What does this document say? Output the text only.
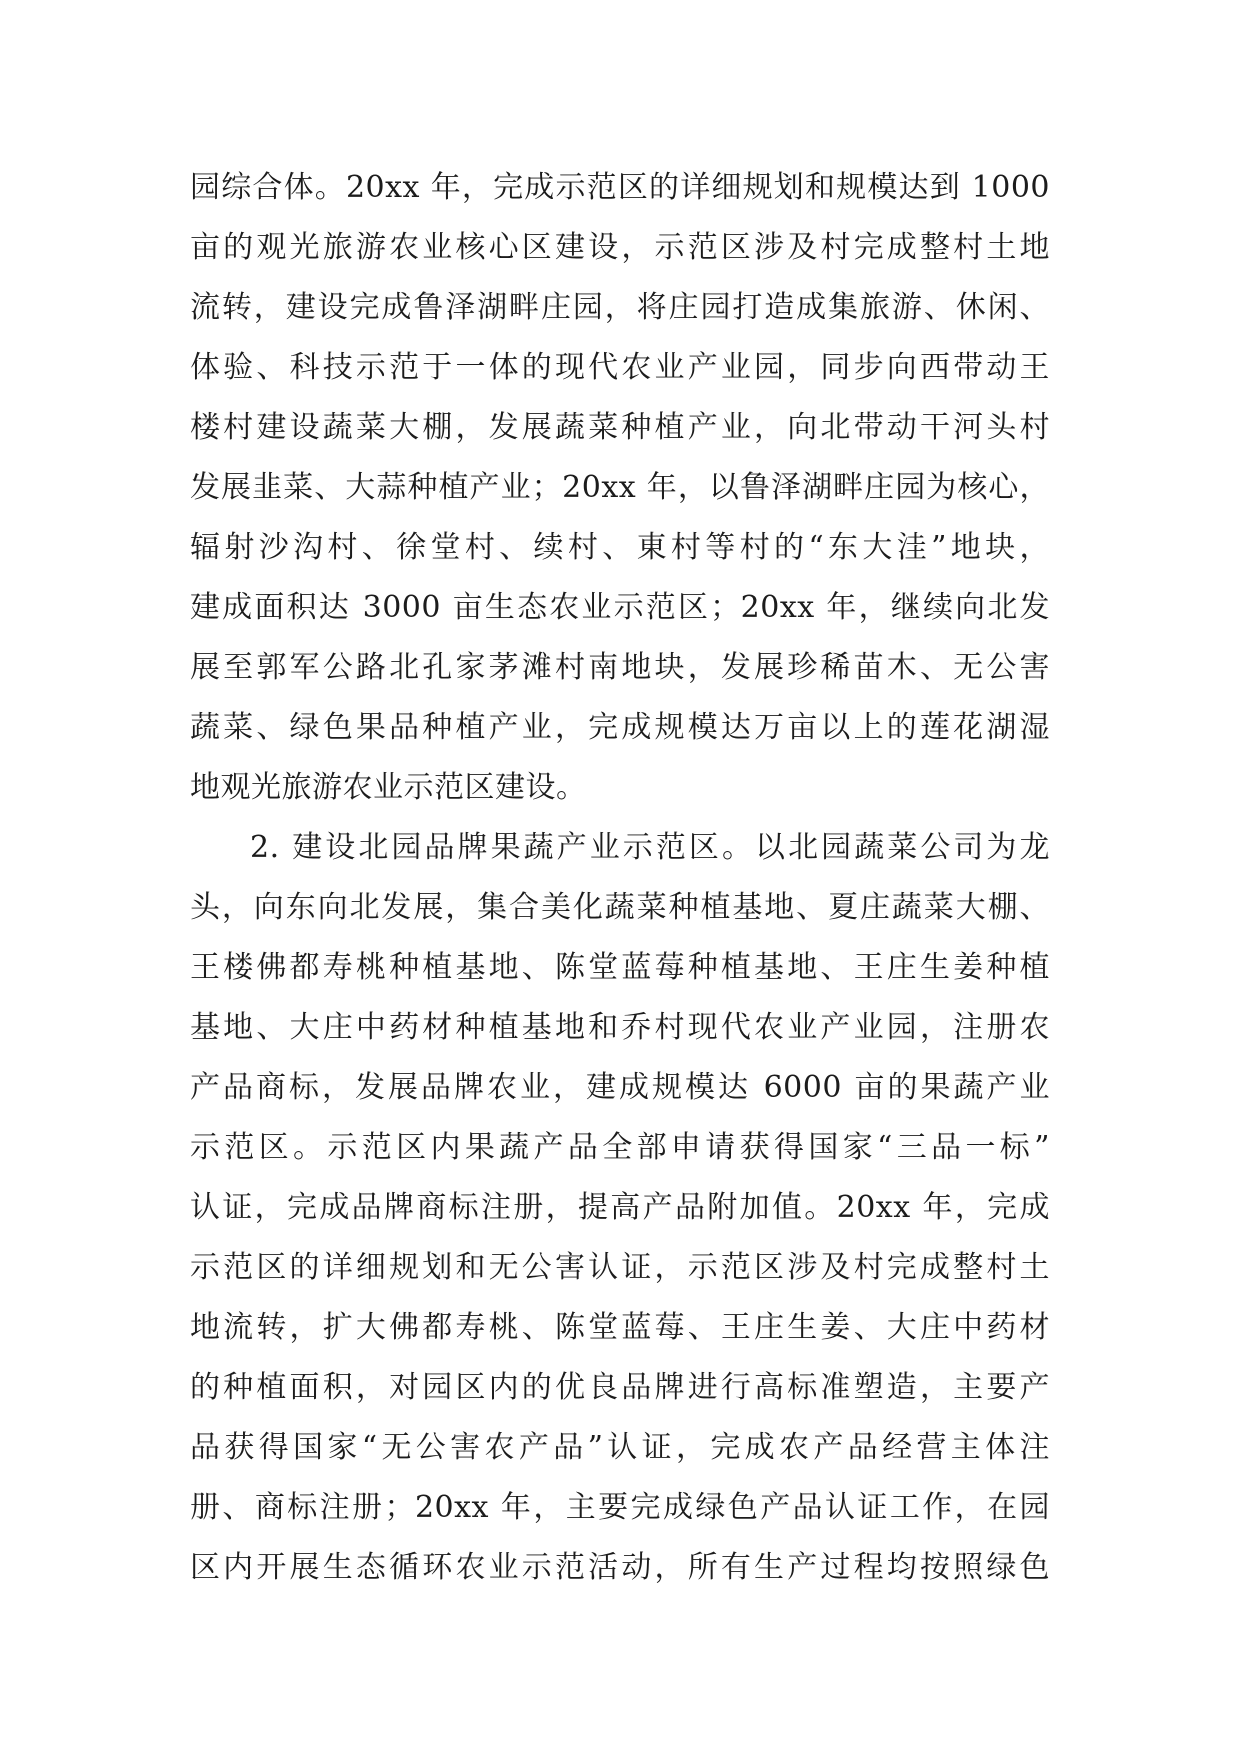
园综合体。20xx 年，完成示范区的详细规划和规模达到 1000
亩的观光旅游农业核心区建设，示范区涉及村完成整村土地
流转，建设完成鲁泽湖畔庄园，将庄园打造成集旅游、休闲、
体验、科技示范于一体的现代农业产业园，同步向西带动王
楼村建设蔬菜大棚，发展蔬菜种植产业，向北带动干河头村
发展韭菜、大蒜种植产业；20xx 年，以鲁泽湖畔庄园为核心，
辐射沙沟村、徐堂村、续村、東村等村的“东大洼”地块，
建成面积达 3000 亩生态农业示范区；20xx 年，继续向北发
展至郭军公路北孔家茅滩村南地块，发展珍稀苗木、无公害
蔬菜、绿色果品种植产业，完成规模达万亩以上的莲花湖湿
地观光旅游农业示范区建设。
2. 建设北园品牌果蔬产业示范区。以北园蔬菜公司为龙
头，向东向北发展，集合美化蔬菜种植基地、夏庄蔬菜大棚、
王楼佛都寿桃种植基地、陈堂蓝莓种植基地、王庄生姜种植
基地、大庄中药材种植基地和乔村现代农业产业园，注册农
产品商标，发展品牌农业，建成规模达 6000 亩的果蔬产业
示范区。示范区内果蔬产品全部申请获得国家“三品一标”
认证，完成品牌商标注册，提高产品附加值。20xx 年，完成
示范区的详细规划和无公害认证，示范区涉及村完成整村土
地流转，扩大佛都寿桃、陈堂蓝莓、王庄生姜、大庄中药材
的种植面积，对园区内的优良品牌进行高标准塑造，主要产
品获得国家“无公害农产品”认证，完成农产品经营主体注
册、商标注册；20xx 年，主要完成绿色产品认证工作，在园
区内开展生态循环农业示范活动，所有生产过程均按照绿色
